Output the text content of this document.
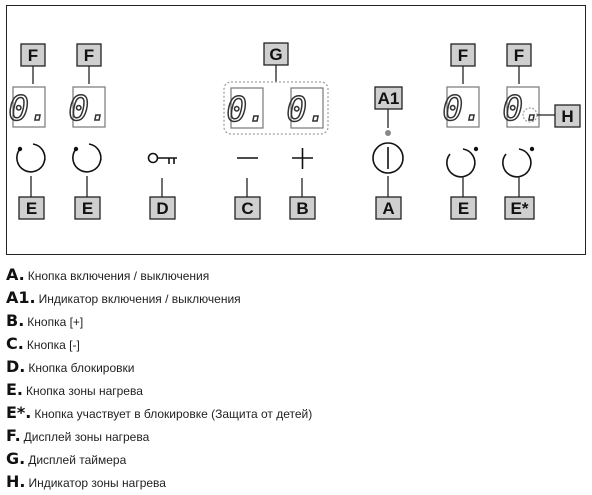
F	F	G	F	F
0. 0.	0. 0.	0. 0. H
A1
E	E	D	C	B	A	E E*
A. Кнопка включения / выключения
A1. Индикатор включения / выключения
B. Кнопка [+]
C. Кнопка [-]
D. Кнопка блокировки
E. Кнопка зоны нагрева
E*. Кнопка участвует в блокировке (Защита от детей)
F. Дисплей зоны нагрева
G. Дисплей таймера
H. Индикатор зоны нагрева
